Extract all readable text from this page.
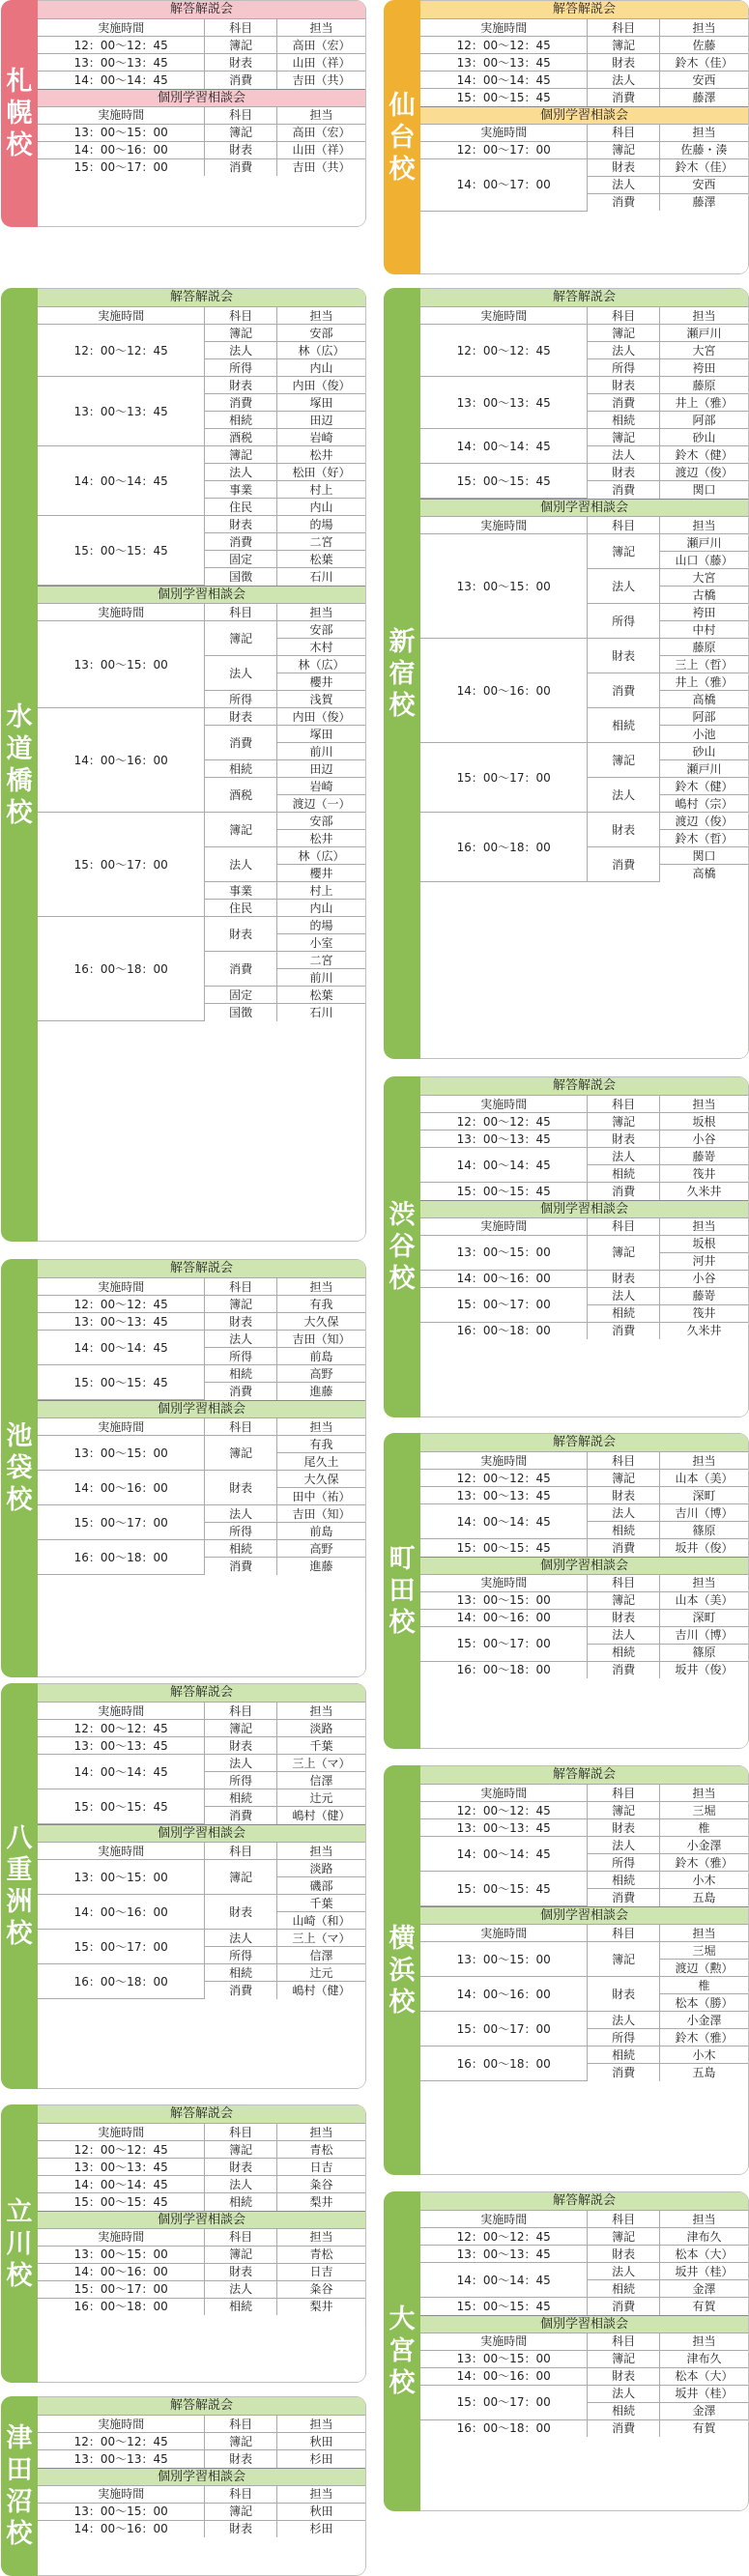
札
幌
校
解答解説会
実施時間	科目	担当
12：00～12：45	簿記	高田（宏）
13：00～13：45	財表	山田（祥）
14：00～14：45	消費	吉田（共）
個別学習相談会
実施時間	科目	担当
13：00～15：00	簿記	高田（宏）
14：00～16：00	財表	山田（祥）
15：00～17：00	消費	吉田（共）
仙
台
校
解答解説会
実施時間	科目	担当
12：00～12：45	簿記	佐藤
13：00～13：45	財表	鈴木（佳）
14：00～14：45	法人	安西
15：00～15：45	消費	藤澤
個別学習相談会
実施時間	科目	担当
12：00～17：00	簿記	佐藤・湊
14：00～17：00	財表	鈴木（佳）
	法人	安西
	消費	藤澤
水
道
橋
校
解答解説会
実施時間	科目	担当
12：00～12：45	簿記	安部
	法人	林（広）
	所得	内山
13：00～13：45	財表	内田（俊）
	消費	塚田
	相続	田辺
	酒税	岩崎
14：00～14：45	簿記	松井
	法人	松田（好）
	事業	村上
	住民	内山
15：00～15：45	財表	的場
	消費	二宮
	固定	松葉
	国徴	石川
個別学習相談会
実施時間	科目	担当
13：00～15：00	簿記	安部
		木村
	法人	林（広）
		櫻井
	所得	浅賀
14：00～16：00	財表	内田（俊）
	消費	塚田
		前川
	相続	田辺
	酒税	岩崎
		渡辺（一）
15：00～17：00	簿記	安部
		松井
	法人	林（広）
		櫻井
	事業	村上
	住民	内山
16：00～18：00	財表	的場
		小室
	消費	二宮
		前川
	固定	松葉
	国徴	石川
新
宿
校
解答解説会
実施時間	科目	担当
12：00～12：45	簿記	瀬戸川
	法人	大宮
	所得	袴田
13：00～13：45	財表	藤原
	消費	井上（雅）
	相続	阿部
14：00～14：45	簿記	砂山
	法人	鈴木（健）
15：00～15：45	財表	渡辺（俊）
	消費	関口
個別学習相談会
実施時間	科目	担当
13：00～15：00	簿記	瀬戸川
		山口（藤）
	法人	大宮
		古橋
	所得	袴田
		中村
14：00～16：00	財表	藤原
		三上（哲）
	消費	井上（雅）
		高橋
	相続	阿部
		小池
15：00～17：00	簿記	砂山
		瀬戸川
	法人	鈴木（健）
		嶋村（宗）
16：00～18：00	財表	渡辺（俊）
		鈴木（哲）
	消費	関口
		高橋
渋
谷
校
解答解説会
実施時間	科目	担当
12：00～12：45	簿記	坂根
13：00～13：45	財表	小谷
14：00～14：45	法人	藤嵜
	相続	筏井
15：00～15：45	消費	久米井
個別学習相談会
実施時間	科目	担当
13：00～15：00	簿記	坂根
		河井
14：00～16：00	財表	小谷
15：00～17：00	法人	藤嵜
	相続	筏井
16：00～18：00	消費	久米井
池
袋
校
解答解説会
実施時間	科目	担当
12：00～12：45	簿記	有我
13：00～13：45	財表	大久保
14：00～14：45	法人	吉田（知）
	所得	前島
15：00～15：45	相続	高野
	消費	進藤
個別学習相談会
実施時間	科目	担当
13：00～15：00	簿記	有我
		尾久土
14：00～16：00	財表	大久保
		田中（祐）
15：00～17：00	法人	吉田（知）
	所得	前島
16：00～18：00	相続	高野
	消費	進藤 町
田
校
解答解説会
実施時間	科目	担当
12：00～12：45	簿記	山本（美）
13：00～13：45	財表	深町
14：00～14：45	法人	吉川（博）
	相続	篠原
15：00～15：45	消費	坂井（俊）
個別学習相談会
実施時間	科目	担当
13：00～15：00	簿記	山本（美）
14：00～16：00	財表	深町
15：00～17：00	法人	吉川（博）
	相続	篠原
16：00～18：00	消費	坂井（俊）
八
重
洲
校
解答解説会
実施時間	科目	担当
12：00～12：45	簿記	淡路
13：00～13：45	財表	千葉
14：00～14：45	法人	三上（マ）
	所得	信澤
15：00～15：45	相続	辻元
	消費	嶋村（健）
個別学習相談会
実施時間	科目	担当
13：00～15：00	簿記	淡路
		磯部
14：00～16：00	財表	千葉
		山崎（和）
15：00～17：00	法人	三上（マ）
	所得	信澤
16：00～18：00	相続	辻元
	消費	嶋村（健）
横
浜
校
解答解説会
実施時間	科目	担当
12：00～12：45	簿記	三堀
13：00～13：45	財表	椎
14：00～14：45	法人	小金澤
	所得	鈴木（雅）
15：00～15：45	相続	小木
	消費	五島
個別学習相談会
実施時間	科目	担当
13：00～15：00	簿記	三堀
		渡辺（勲）
14：00～16：00	財表	椎
		松本（勝）
15：00～17：00	法人	小金澤
	所得	鈴木（雅）
16：00～18：00	相続	小木
	消費	五島
立
川
校
解答解説会
実施時間	科目	担当
12：00～12：45	簿記	青松
13：00～13：45	財表	日吉
14：00～14：45	法人	粂谷
15：00～15：45	相続	梨井
個別学習相談会
実施時間	科目	担当
13：00～15：00	簿記	青松
14：00～16：00	財表	日吉
15：00～17：00	法人	粂谷
16：00～18：00	相続	梨井 大
宮
校
解答解説会
実施時間	科目	担当
12：00～12：45	簿記	津布久
13：00～13：45	財表	松本（大）
14：00～14：45	法人	坂井（桂）
	相続	金澤
15：00～15：45	消費	有賀
個別学習相談会
実施時間	科目	担当
13：00～15：00	簿記	津布久
14：00～16：00	財表	松本（大）
15：00～17：00	法人	坂井（桂）
	相続	金澤
16：00～18：00	消費	有賀
津
田
沼
校
解答解説会
実施時間	科目	担当
12：00～12：45	簿記	秋田
13：00～13：45	財表	杉田
個別学習相談会
実施時間	科目	担当
13：00～15：00	簿記	秋田
14：00～16：00	財表	杉田
